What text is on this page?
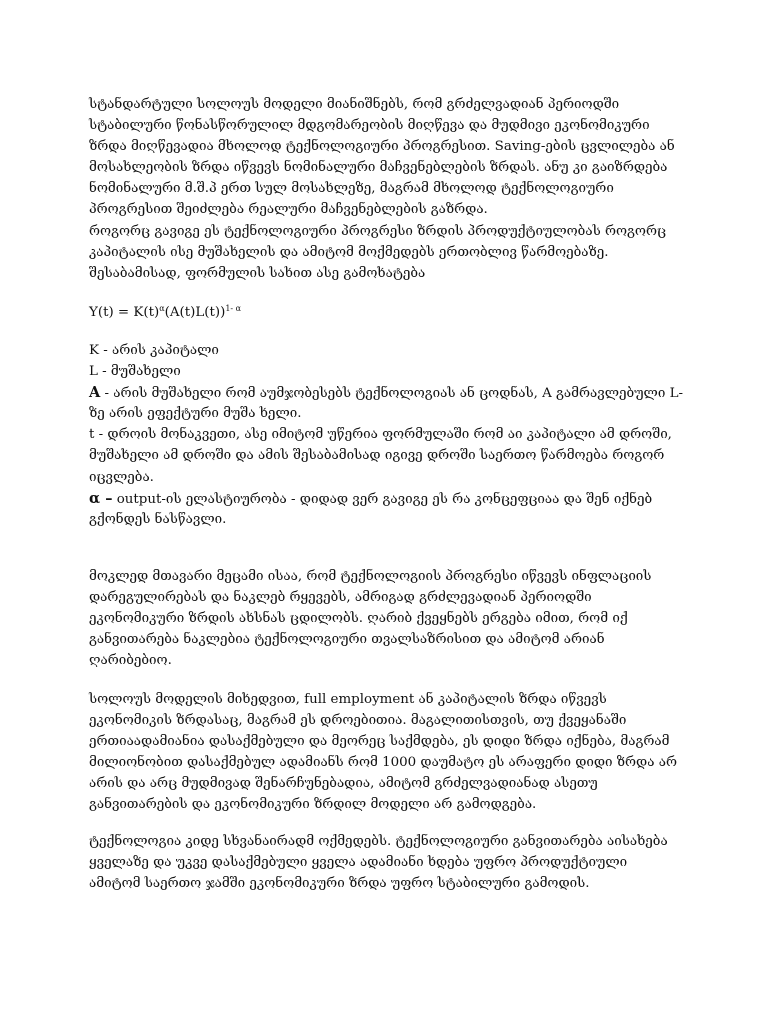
სტანდარტული სოლოუს მოდელი მიანიშნებს, რომ გრძელვადიან პერიოდში
სტაბილური წონასწორულილ მდგომარეობის მიღწევა და მუდმივი ეკონომიკური
ზრდა მიღწევადია მხოლოდ ტექნოლოგიური პროგრესით. Saving-ების ცვლილება ან
მოსახლეობის ზრდა იწვევს ნომინალური მაჩვენებლების ზრდას. ანუ კი გაიზრდება
ნომინალური მ.შ.პ ერთ სულ მოსახლეზე, მაგრამ მხოლოდ ტექნოლოგიური
პროგრესით შეიძლება რეალური მაჩვენებლების გაზრდა.
როგორც გავიგე ეს ტექნოლოგიური პროგრესი ზრდის პროდუქტიულობას როგორც
კაპიტალის ისე მუშახელის და ამიტომ მოქმედებს ერთობლივ წარმოებაზე.
შესაბამისად, ფორმულის სახით ასე გამოხატება
$Y(t) = K(t)^\alpha(A(t)L(t))^{1- \alpha}$
K - არის კაპიტალი
L - მუშახელი
A - არის მუშახელი რომ აუმჯობესებს ტექნოლოგიას ან ცოდნას, A გამრავლებული L-
ზე არის ეფექტური მუშა ხელი.
t - დროის მონაკვეთი, ასე იმიტომ უწერია ფორმულაში რომ აი კაპიტალი ამ დროში,
მუშახელი ამ დროში და ამის შესაბამისად იგივე დროში საერთო წარმოება როგორ
იცვლება.
α – output-ის ელასტიურობა - დიდად ვერ გავიგე ეს რა კონცეფციაა და შენ იქნებ
გქონდეს ნასწავლი.
მოკლედ მთავარი მეცამი ისაა, რომ ტექნოლოგიის პროგრესი იწვევს ინფლაციის
დარეგულირებას და ნაკლებ რყევებს, ამრიგად გრძლევადიან პერიოდში
ეკონომიკური ზრდის ახსნას ცდილობს. ღარიბ ქვეყნებს ერგება იმით, რომ იქ
განვითარება ნაკლებია ტექნოლოგიური თვალსაზრისით და ამიტომ არიან
ღარიბებიო.
სოლოუს მოდელის მიხედვით, full employment ან კაპიტალის ზრდა იწვევს
ეკონომიკის ზრდასაც, მაგრამ ეს დროებითია. მაგალითისთვის, თუ ქვეყანაში
ერთიაადამიანია დასაქმებული და მეორეც საქმდება, ეს დიდი ზრდა იქნება, მაგრამ
მილიონობით დასაქმებულ ადამიანს რომ 1000 დაუმატო ეს არაფერი დიდი ზრდა არ
არის და არც მუდმივად შენარჩუნებადია, ამიტომ გრძელვადიანად ასეთუ
განვითარების და ეკონომიკური ზრდილ მოდელი არ გამოდგება.
ტექნოლოგია კიდე სხვანაირადმ ოქმედებს. ტექნოლოგიური განვითარება აისახება
ყველაზე და უკვე დასაქმებული ყველა ადამიანი ხდება უფრო პროდუქტიული
ამიტომ საერთო ჯამში ეკონომიკური ზრდა უფრო სტაბილური გამოდის.
